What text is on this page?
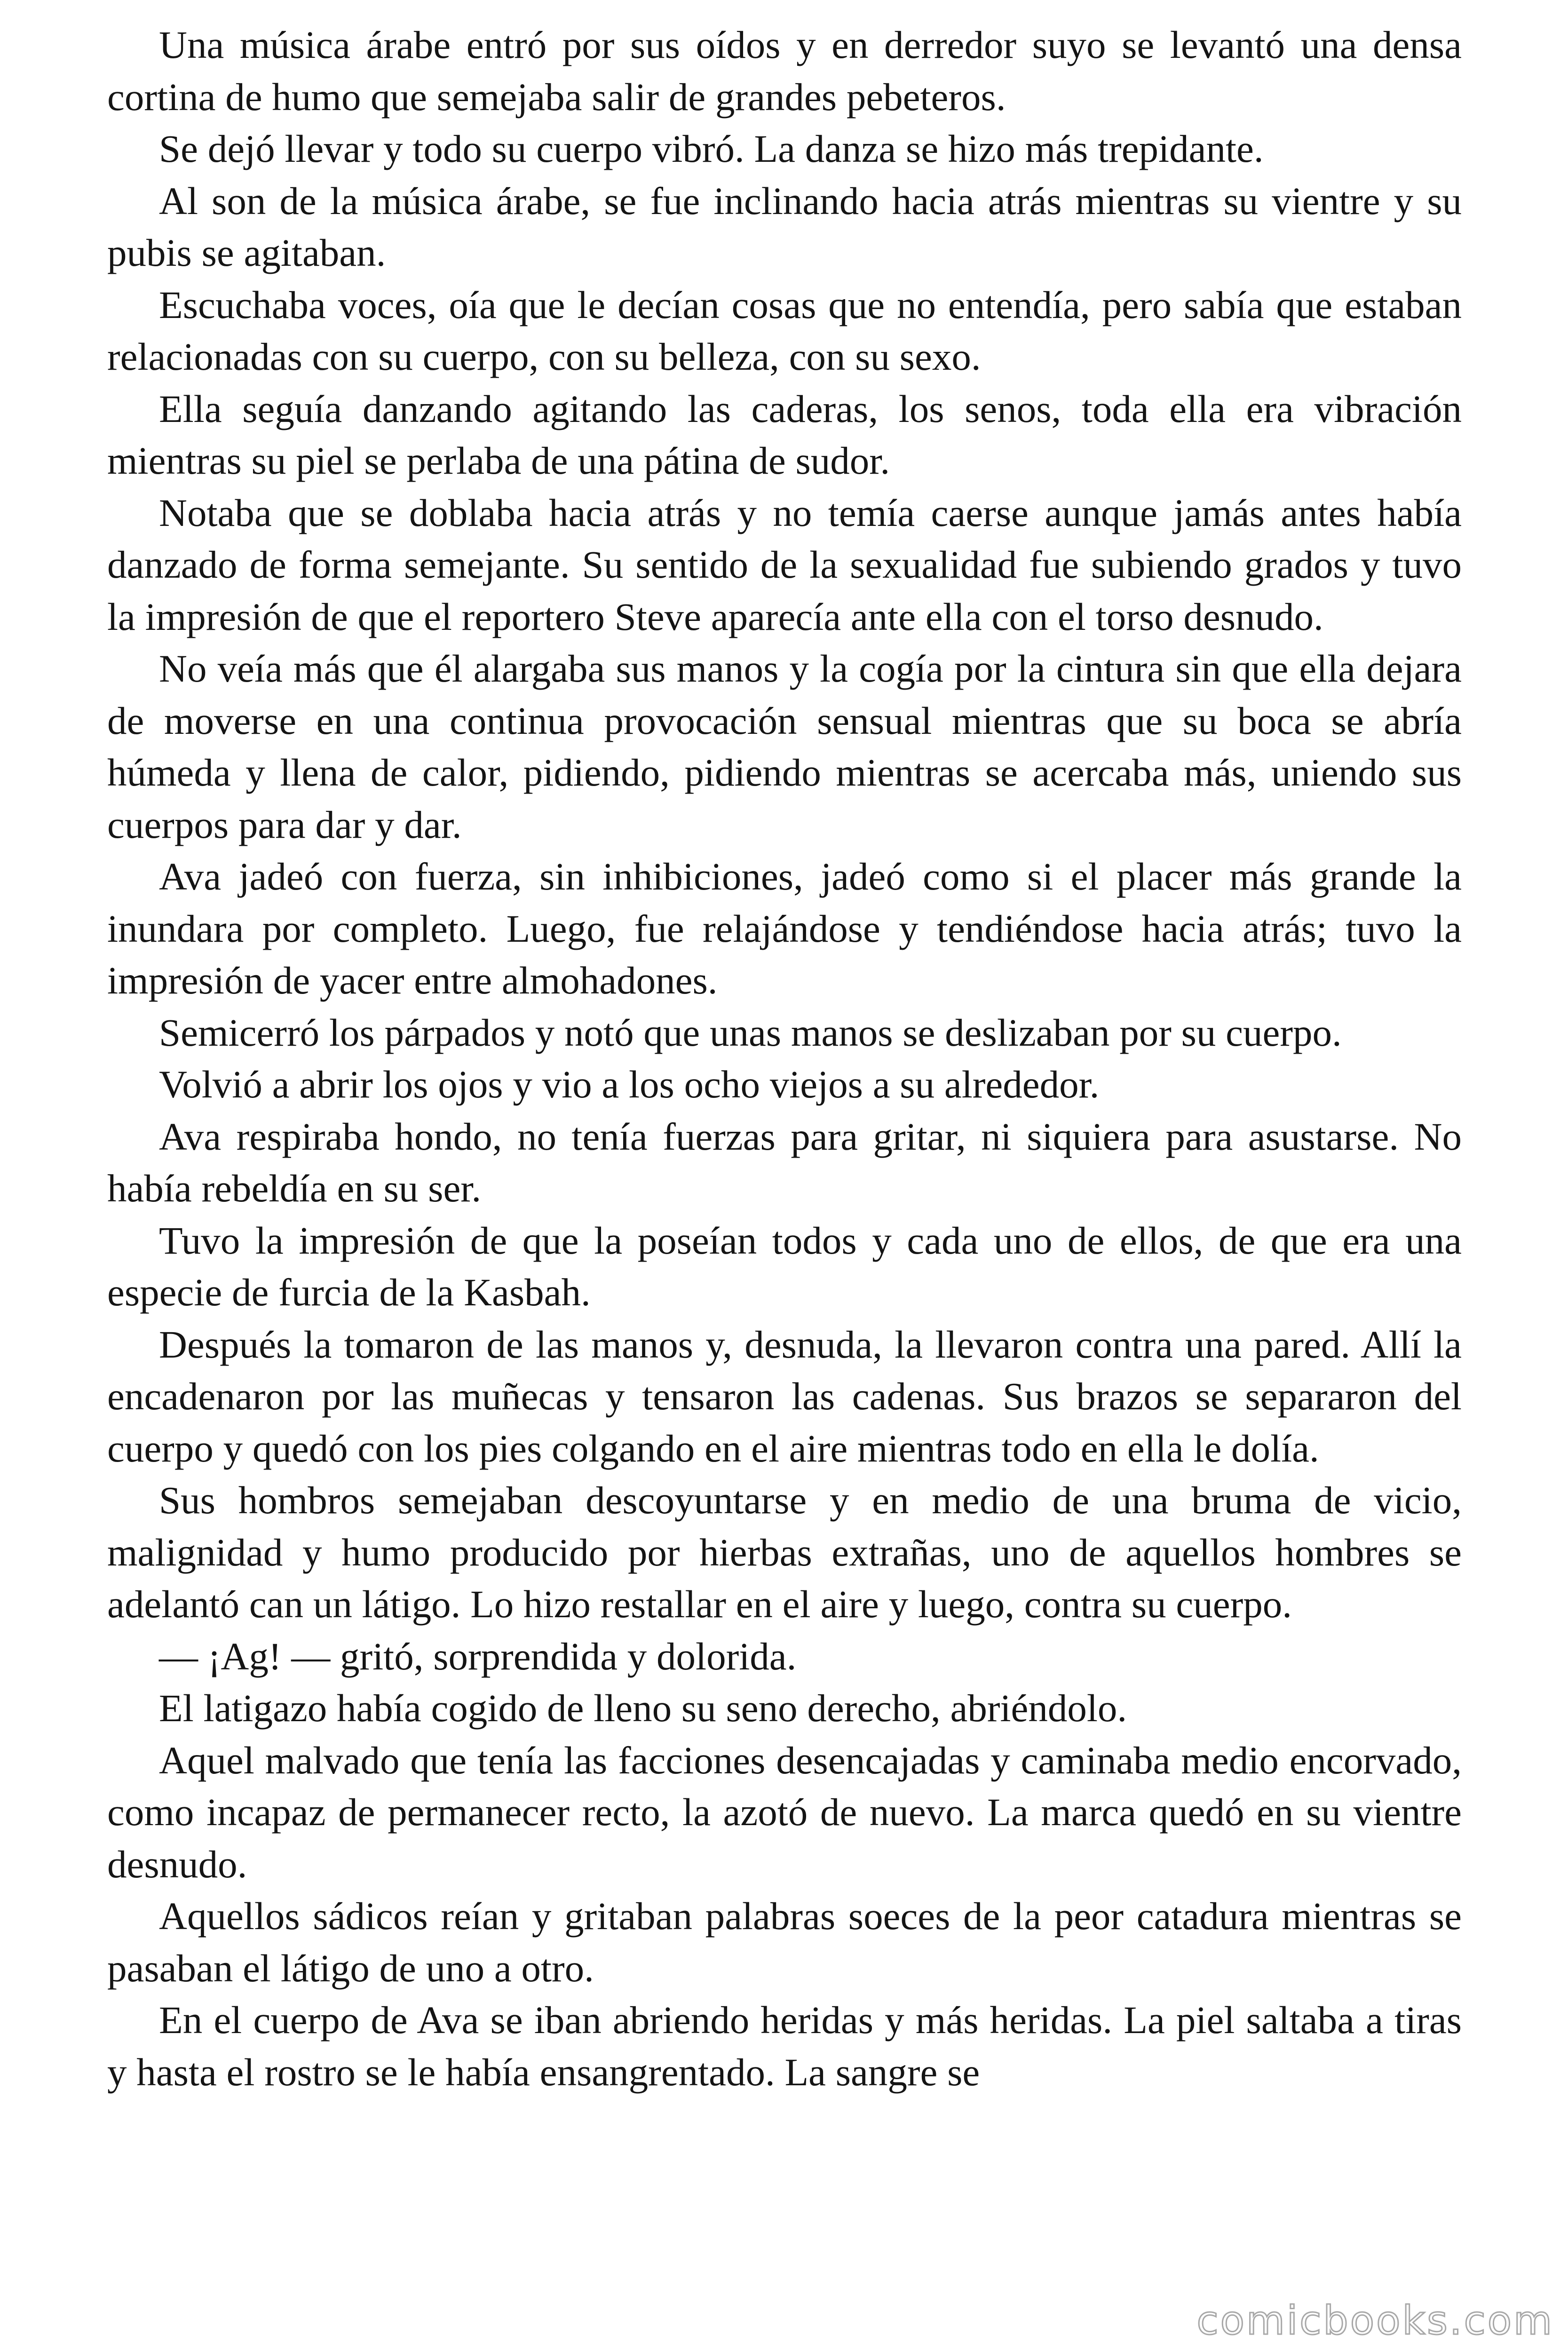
Una música árabe entró por sus oídos y en derredor suyo se levantó una densa cortina de humo que semejaba salir de grandes pebeteros.

Se dejó llevar y todo su cuerpo vibró. La danza se hizo más trepidante.

Al son de la música árabe, se fue inclinando hacia atrás mientras su vientre y su pubis se agitaban.

Escuchaba voces, oía que le decían cosas que no entendía, pero sabía que estaban relacionadas con su cuerpo, con su belleza, con su sexo.

Ella seguía danzando agitando las caderas, los senos, toda ella era vibración mientras su piel se perlaba de una pátina de sudor.

Notaba que se doblaba hacia atrás y no temía caerse aunque jamás antes había danzado de forma semejante. Su sentido de la sexualidad fue subiendo grados y tuvo la impresión de que el reportero Steve aparecía ante ella con el torso desnudo.

No veía más que él alargaba sus manos y la cogía por la cintura sin que ella dejara de moverse en una continua provocación sensual mientras que su boca se abría húmeda y llena de calor, pidiendo, pidiendo mientras se acercaba más, uniendo sus cuerpos para dar y dar.

Ava jadeó con fuerza, sin inhibiciones, jadeó como si el placer más grande la inundara por completo. Luego, fue relajándose y tendiéndose hacia atrás; tuvo la impresión de yacer entre almohadones.

Semicerró los párpados y notó que unas manos se deslizaban por su cuerpo.

Volvió a abrir los ojos y vio a los ocho viejos a su alrededor.

Ava respiraba hondo, no tenía fuerzas para gritar, ni siquiera para asustarse. No había rebeldía en su ser.

Tuvo la impresión de que la poseían todos y cada uno de ellos, de que era una especie de furcia de la Kasbah.

Después la tomaron de las manos y, desnuda, la llevaron contra una pared. Allí la encadenaron por las muñecas y tensaron las cadenas. Sus brazos se separaron del cuerpo y quedó con los pies colgando en el aire mientras todo en ella le dolía.

Sus hombros semejaban descoyuntarse y en medio de una bruma de vicio, malignidad y humo producido por hierbas extrañas, uno de aquellos hombres se adelantó can un látigo. Lo hizo restallar en el aire y luego, contra su cuerpo.

— ¡Ag! — gritó, sorprendida y dolorida.

El latigazo había cogido de lleno su seno derecho, abriéndolo.

Aquel malvado que tenía las facciones desencajadas y caminaba medio encorvado, como incapaz de permanecer recto, la azotó de nuevo. La marca quedó en su vientre desnudo.

Aquellos sádicos reían y gritaban palabras soeces de la peor catadura mientras se pasaban el látigo de uno a otro.

En el cuerpo de Ava se iban abriendo heridas y más heridas. La piel saltaba a tiras y hasta el rostro se le había ensangrentado. La sangre se

comicbooks.com
